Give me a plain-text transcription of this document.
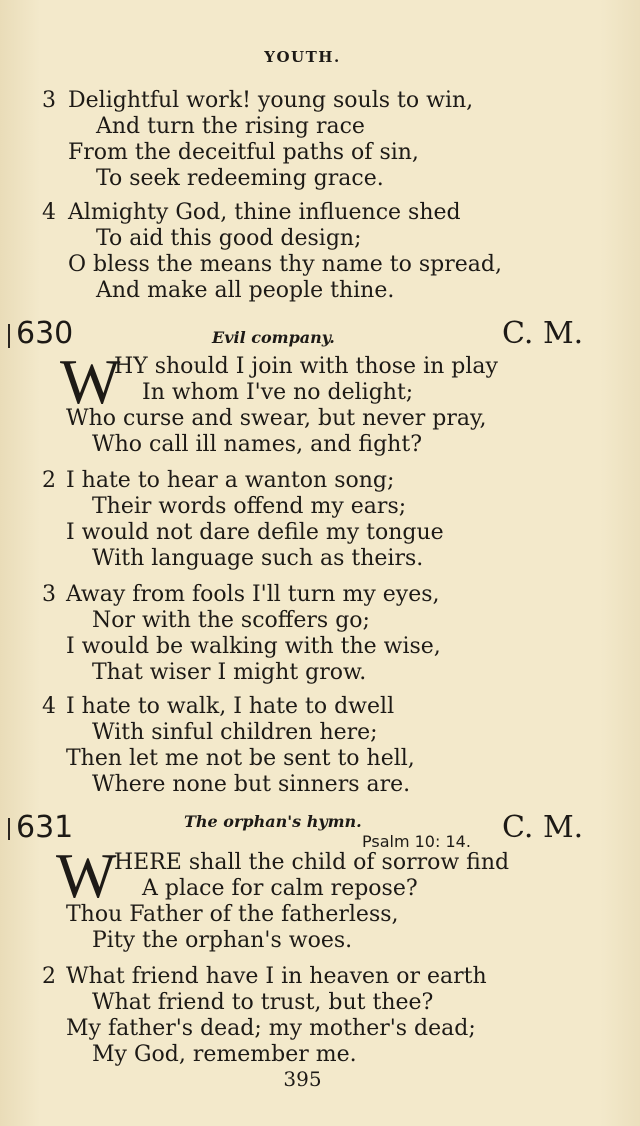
YOUTH.
3 Delightful work! young souls to win,
And turn the rising race
From the deceitful paths of sin,
To seek redeeming grace.
4 Almighty God, thine influence shed
To aid this good design;
O bless the means thy name to spread,
And make all people thine.
630	Evil company.	C. M.
W
HY should I join with those in play
In whom I've no delight;
Who curse and swear, but never pray,
Who call ill names, and fight?
2 I hate to hear a wanton song;
Their words offend my ears;
I would not dare defile my tongue
With language such as theirs.
3 Away from fools I'll turn my eyes,
Nor with the scoffers go;
I would be walking with the wise,
That wiser I might grow.
4 I hate to walk, I hate to dwell
With sinful children here;
Then let me not be sent to hell,
Where none but sinners are.
631	The orphan's hymn.
Psalm 10: 14. C. M.
W
HERE shall the child of sorrow find
A place for calm repose?
Thou Father of the fatherless,
Pity the orphan's woes.
2 What friend have I in heaven or earth
What friend to trust, but thee?
My father's dead; my mother's dead;
My God, remember me.
395
